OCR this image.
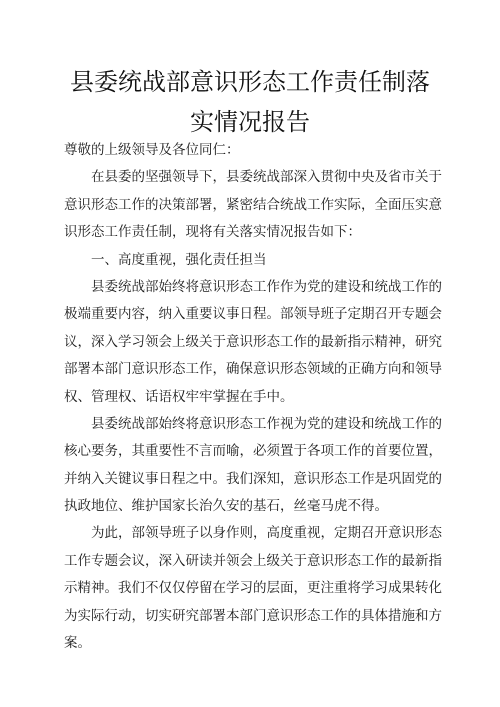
县委统战部意识形态工作责任制落
实情况报告
尊敬的上级领导及各位同仁：
在县委的坚强领导下，县委统战部深入贯彻中央及省市关于
意识形态工作的决策部署，紧密结合统战工作实际，全面压实意
识形态工作责任制，现将有关落实情况报告如下：
一、高度重视，强化责任担当
县委统战部始终将意识形态工作作为党的建设和统战工作的
极端重要内容，纳入重要议事日程。部领导班子定期召开专题会
议，深入学习领会上级关于意识形态工作的最新指示精神，研究
部署本部门意识形态工作，确保意识形态领域的正确方向和领导
权、管理权、话语权牢牢掌握在手中。
县委统战部始终将意识形态工作视为党的建设和统战工作的
核心要务，其重要性不言而喻，必须置于各项工作的首要位置，
并纳入关键议事日程之中。我们深知，意识形态工作是巩固党的
执政地位、维护国家长治久安的基石，丝毫马虎不得。
为此，部领导班子以身作则，高度重视，定期召开意识形态
工作专题会议，深入研读并领会上级关于意识形态工作的最新指
示精神。我们不仅仅停留在学习的层面，更注重将学习成果转化
为实际行动，切实研究部署本部门意识形态工作的具体措施和方
案。
